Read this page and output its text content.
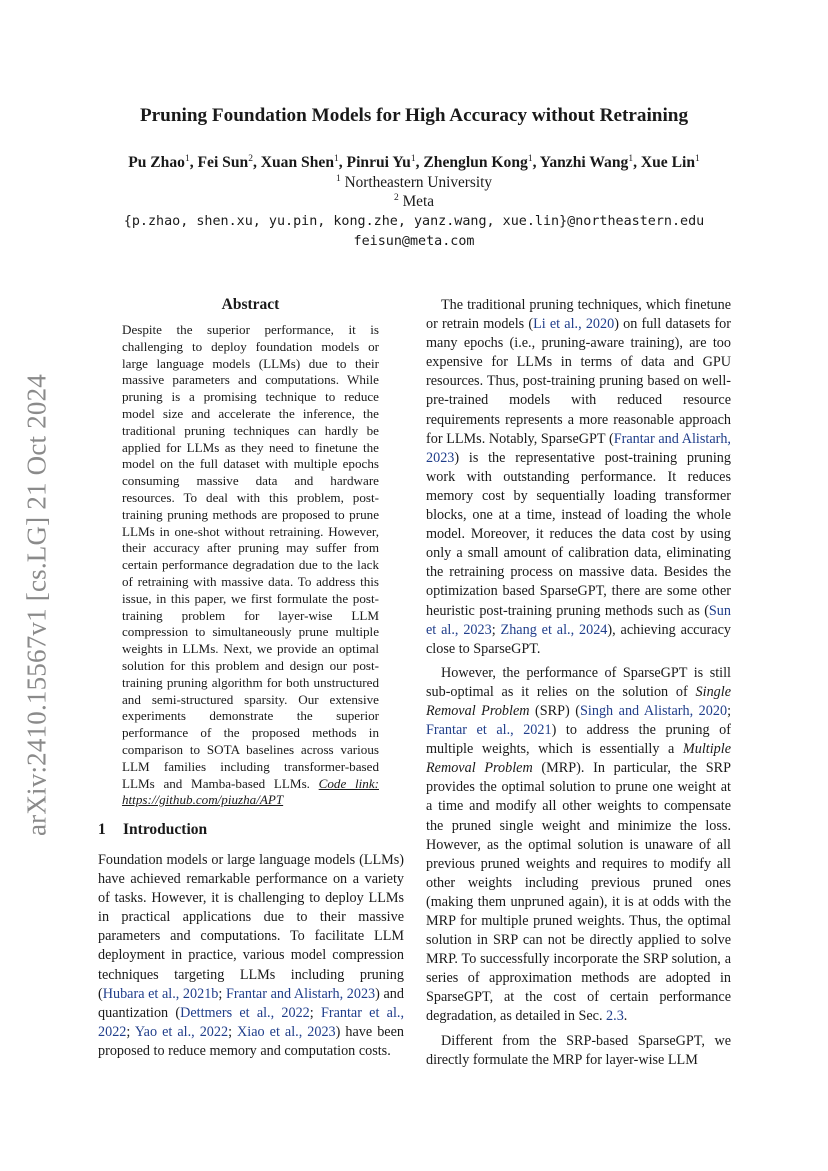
arXiv:2410.15567v1 [cs.LG] 21 Oct 2024
Pruning Foundation Models for High Accuracy without Retraining
Pu Zhao$^1$, Fei Sun$^2$, Xuan Shen$^1$, Pinrui Yu$^1$, Zhenglun Kong$^1$, Yanzhi Wang$^1$, Xue Lin$^1$
$^1$ Northeastern University
$^2$ Meta
{p.zhao, shen.xu, yu.pin, kong.zhe, yanz.wang, xue.lin}@northeastern.edu
feisun@meta.com
Abstract
Despite the superior performance, it is challenging to deploy foundation models or large language models (LLMs) due to their massive parameters and computations. While pruning is a promising technique to reduce model size and accelerate the inference, the traditional pruning techniques can hardly be applied for LLMs as they need to finetune the model on the full dataset with multiple epochs consuming massive data and hardware resources. To deal with this problem, post-training pruning methods are proposed to prune LLMs in one-shot without retraining. However, their accuracy after pruning may suffer from certain performance degradation due to the lack of retraining with massive data. To address this issue, in this paper, we first formulate the post-training problem for layer-wise LLM compression to simultaneously prune multiple weights in LLMs. Next, we provide an optimal solution for this problem and design our post-training pruning algorithm for both unstructured and semi-structured sparsity. Our extensive experiments demonstrate the superior performance of the proposed methods in comparison to SOTA baselines across various LLM families including transformer-based LLMs and Mamba-based LLMs. Code link: https://github.com/piuzha/APT
1 Introduction

Foundation models or large language models (LLMs) have achieved remarkable performance on a variety of tasks. However, it is challenging to deploy LLMs in practical applications due to their massive parameters and computations. To facilitate LLM deployment in practice, various model compression techniques targeting LLMs including pruning (Hubara et al., 2021b; Frantar and Alistarh, 2023) and quantization (Dettmers et al., 2022; Frantar et al., 2022; Yao et al., 2022; Xiao et al., 2023) have been proposed to reduce memory and computation costs.

The traditional pruning techniques, which finetune or retrain models (Li et al., 2020) on full datasets for many epochs (i.e., pruning-aware training), are too expensive for LLMs in terms of data and GPU resources. Thus, post-training pruning based on well-pre-trained models with reduced resource requirements represents a more reasonable approach for LLMs. Notably, SparseGPT (Frantar and Alistarh, 2023) is the representative post-training pruning work with outstanding performance. It reduces memory cost by sequentially loading transformer blocks, one at a time, instead of loading the whole model. Moreover, it reduces the data cost by using only a small amount of calibration data, eliminating the retraining process on massive data. Besides the optimization based SparseGPT, there are some other heuristic post-training pruning methods such as (Sun et al., 2023; Zhang et al., 2024), achieving accuracy close to SparseGPT.

However, the performance of SparseGPT is still sub-optimal as it relies on the solution of Single Removal Problem (SRP) (Singh and Alistarh, 2020; Frantar et al., 2021) to address the pruning of multiple weights, which is essentially a Multiple Removal Problem (MRP). In particular, the SRP provides the optimal solution to prune one weight at a time and modify all other weights to compensate the pruned single weight and minimize the loss. However, as the optimal solution is unaware of all previous pruned weights and requires to modify all other weights including previous pruned ones (making them unpruned again), it is at odds with the MRP for multiple pruned weights. Thus, the optimal solution in SRP can not be directly applied to solve MRP. To successfully incorporate the SRP solution, a series of approximation methods are adopted in SparseGPT, at the cost of certain performance degradation, as detailed in Sec. 2.3.

Different from the SRP-based SparseGPT, we directly formulate the MRP for layer-wise LLM
